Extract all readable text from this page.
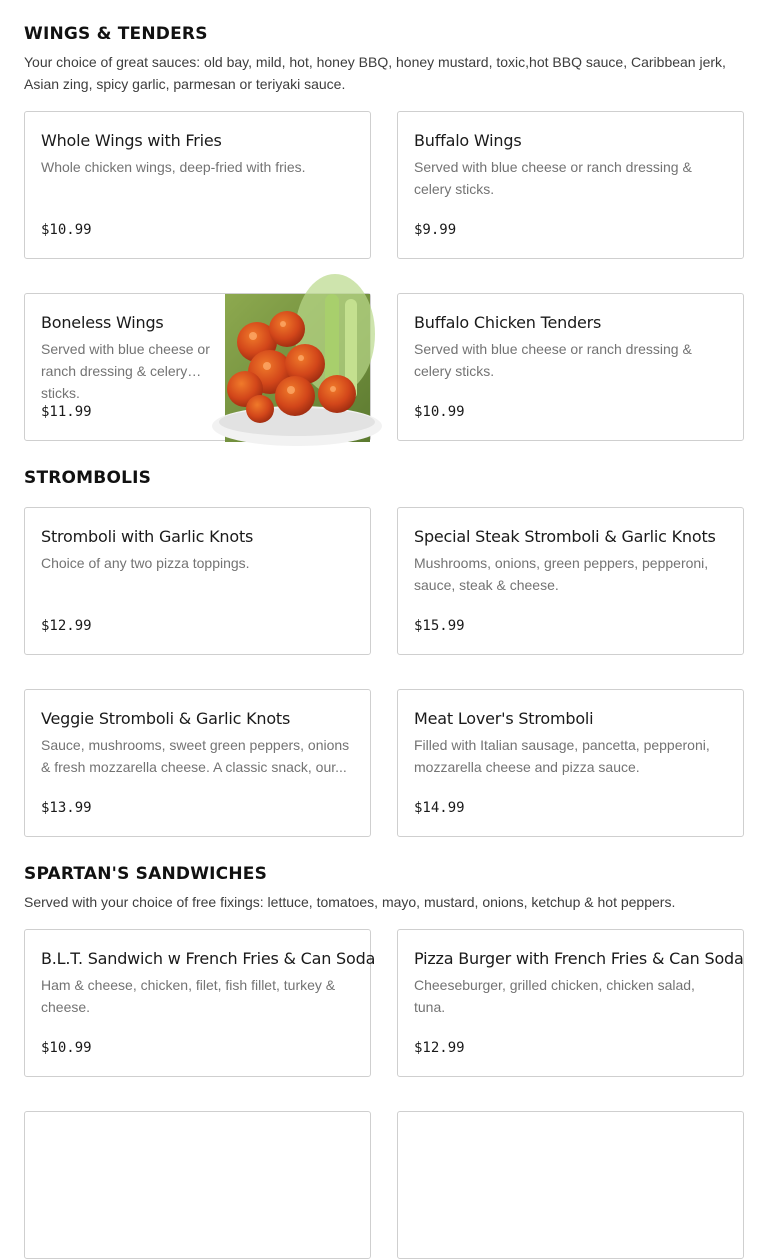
WINGS & TENDERS

Your choice of great sauces: old bay, mild, hot, honey BBQ, honey mustard, toxic,hot BBQ sauce, Caribbean jerk, Asian zing, spicy garlic, parmesan or teriyaki sauce.

Whole Wings with Fries
Whole chicken wings, deep-fried with fries.
$10.99
Buffalo Wings
Served with blue cheese or ranch dressing & celery sticks.
$9.99
Boneless Wings
Served with blue cheese or ranch dressing & celery sticks.
$11.99
Buffalo Chicken Tenders
Served with blue cheese or ranch dressing & celery sticks.
$10.99
STROMBOLIS
Stromboli with Garlic Knots
Choice of any two pizza toppings.
$12.99
Special Steak Stromboli & Garlic Knots
Mushrooms, onions, green peppers, pepperoni, sauce, steak & cheese.
$15.99
Veggie Stromboli & Garlic Knots
Sauce, mushrooms, sweet green peppers, onions & fresh mozzarella cheese. A classic snack, our...
$13.99
Meat Lover's Stromboli
Filled with Italian sausage, pancetta, pepperoni, mozzarella cheese and pizza sauce.
$14.99
SPARTAN'S SANDWICHES

Served with your choice of free fixings: lettuce, tomatoes, mayo, mustard, onions, ketchup & hot peppers.

B.L.T. Sandwich w French Fries & Can Soda
Ham & cheese, chicken, filet, fish fillet, turkey & cheese.
$10.99
Pizza Burger with French Fries & Can Soda
Cheeseburger, grilled chicken, chicken salad, tuna.
$12.99
